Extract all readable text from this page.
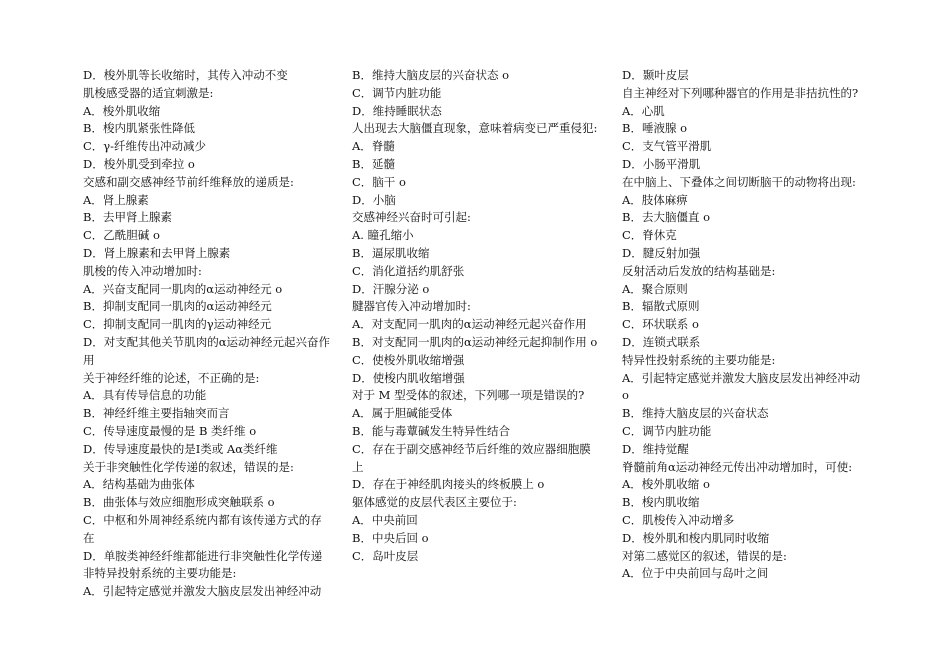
D．梭外肌等长收缩时，其传入冲动不变
肌梭感受器的适宜刺激是:
A．梭外肌收缩
B．梭内肌紧张性降低
C．γ-纤维传出冲动减少
D．梭外肌受到牵拉 o
交感和副交感神经节前纤维释放的递质是:
A．肾上腺素
B．去甲肾上腺素
C．乙酰胆碱 o
D．肾上腺素和去甲肾上腺素
肌梭的传入冲动增加时:
A．兴奋支配同一肌肉的α运动神经元 o
B．抑制支配同一肌肉的α运动神经元
C．抑制支配同一肌肉的γ运动神经元
D．对支配其他关节肌肉的α运动神经元起兴奋作用
关于神经纤维的论述，不正确的是:
A．具有传导信息的功能
B．神经纤维主要指轴突而言
C．传导速度最慢的是 B 类纤维 o
D．传导速度最快的是Ⅰ类或 Aα类纤维
关于非突触性化学传递的叙述，错误的是:
A．结构基础为曲张体
B．曲张体与效应细胞形成突触联系 o
C．中枢和外周神经系统内都有该传递方式的存在
D．单胺类神经纤维都能进行非突触性化学传递
非特异投射系统的主要功能是:
A．引起特定感觉并激发大脑皮层发出神经冲动
B．维持大脑皮层的兴奋状态 o
C．调节内脏功能
D．维持睡眠状态
人出现去大脑僵直现象，意味着病变已严重侵犯:
A．脊髓
B．延髓
C．脑干 o
D．小脑
交感神经兴奋时可引起:
A. 瞳孔缩小
B．逼尿肌收缩
C．消化道括约肌舒张
D．汗腺分泌 o
腱器官传入冲动增加时:
A．对支配同一肌肉的α运动神经元起兴奋作用
B．对支配同一肌肉的α运动神经元起抑制作用 o
C．使梭外肌收缩增强
D．使梭内肌收缩增强
对于 M 型受体的叙述，下列哪一项是错误的?
A．属于胆碱能受体
B．能与毒蕈碱发生特异性结合
C．存在于副交感神经节后纤维的效应器细胞膜上
D．存在于神经肌肉接头的终板膜上 o
躯体感觉的皮层代表区主要位于:
A．中央前回
B．中央后回 o
C．岛叶皮层
D．颞叶皮层
自主神经对下列哪种器官的作用是非拮抗性的?
A．心肌
B．唾液腺 o
C．支气管平滑肌
D．小肠平滑肌
在中脑上、下叠体之间切断脑干的动物将出现:
A．肢体麻痹
B．去大脑僵直 o
C．脊休克
D．腱反射加强
反射活动后发放的结构基础是:
A．聚合原则
B．辐散式原则
C．环状联系 o
D．连锁式联系
特异性投射系统的主要功能是:
A．引起特定感觉并激发大脑皮层发出神经冲动 o
B．维持大脑皮层的兴奋状态
C．调节内脏功能
D．维持觉醒
脊髓前角α运动神经元传出冲动增加时，可使:
A．梭外肌收缩 o
B．梭内肌收缩
C．肌梭传入冲动增多
D．梭外肌和梭内肌同时收缩
对第二感觉区的叙述，错误的是:
A．位于中央前回与岛叶之间
